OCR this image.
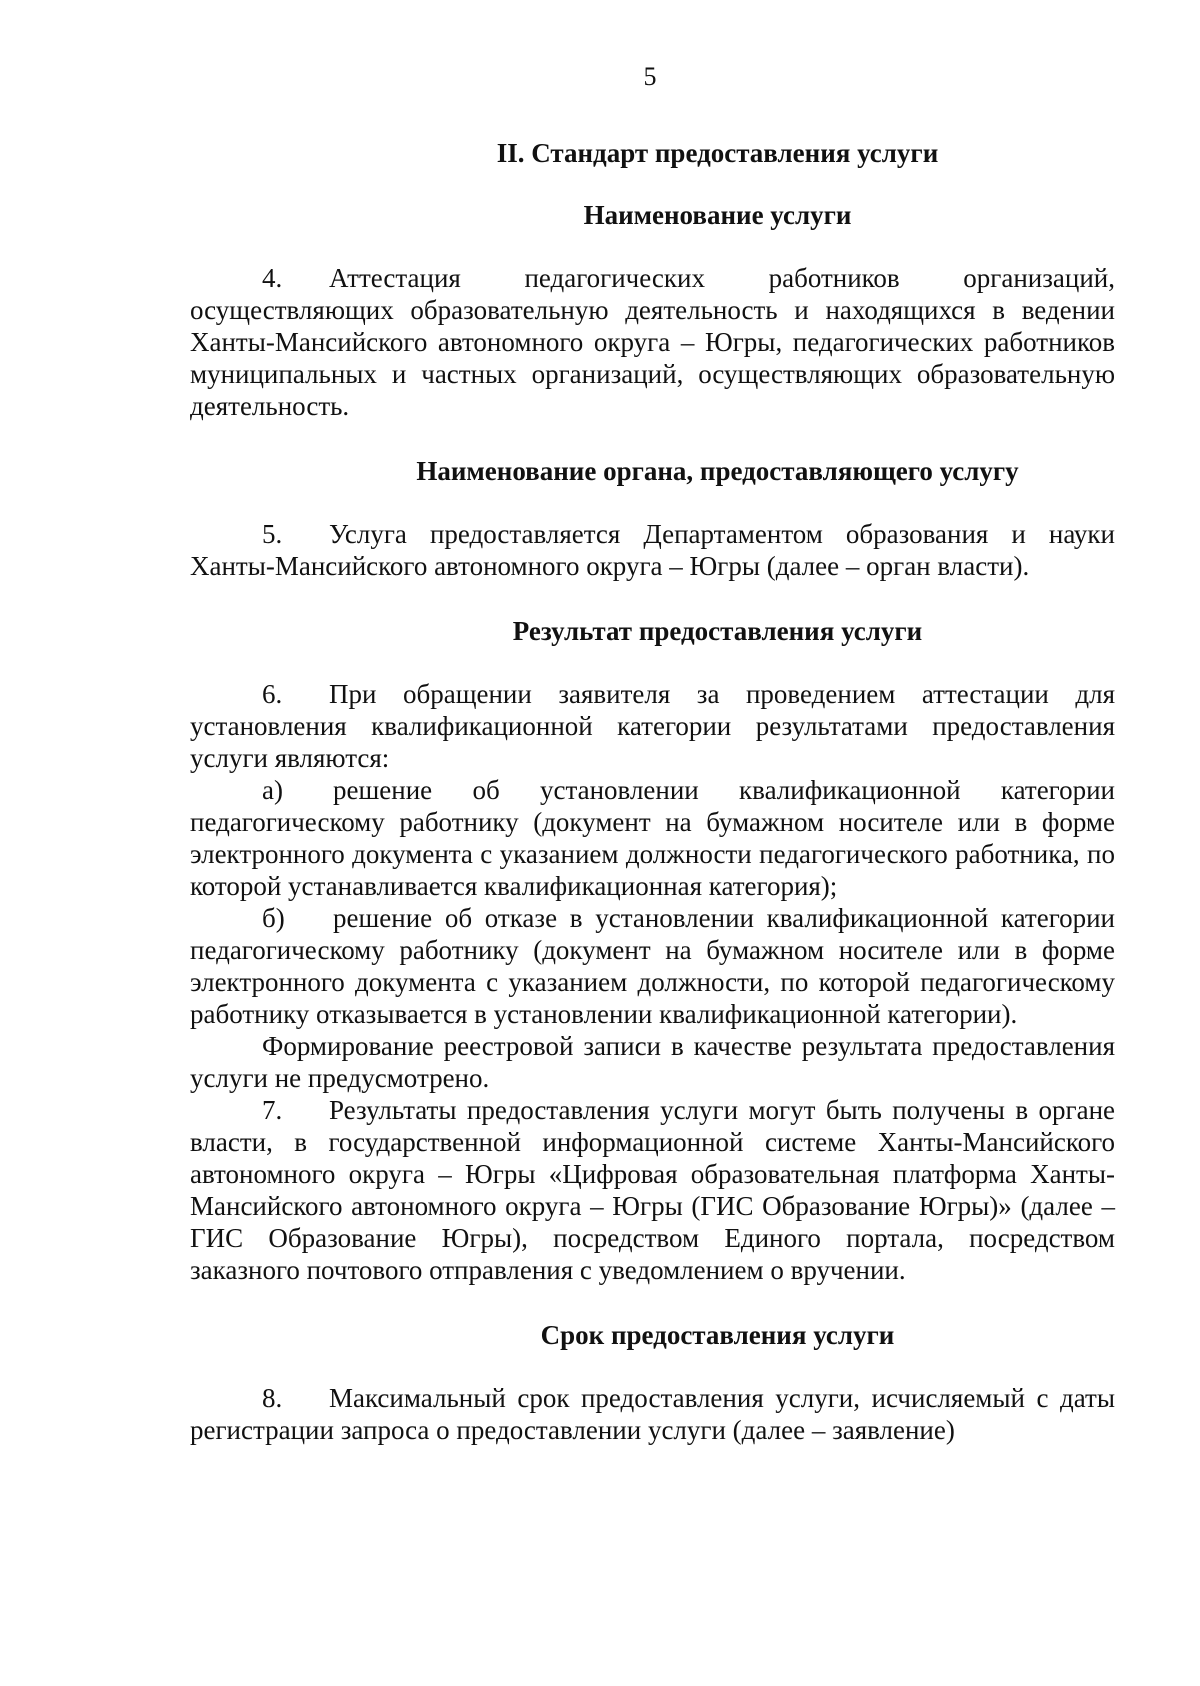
5
II. Стандарт предоставления услуги
Наименование услуги

4. Аттестация педагогических работников организаций, осуществляющих образовательную деятельность и находящихся в ведении Ханты-Мансийского автономного округа – Югры, педагогических работников муниципальных и частных организаций, осуществляющих образовательную деятельность.

Наименование органа, предоставляющего услугу

5. Услуга предоставляется Департаментом образования и науки Ханты-Мансийского автономного округа – Югры (далее – орган власти).

Результат предоставления услуги

6. При обращении заявителя за проведением аттестации для установления квалификационной категории результатами предоставления услуги являются:

а) решение об установлении квалификационной категории педагогическому работнику (документ на бумажном носителе или в форме электронного документа с указанием должности педагогического работника, по которой устанавливается квалификационная категория);

б) решение об отказе в установлении квалификационной категории педагогическому работнику (документ на бумажном носителе или в форме электронного документа с указанием должности, по которой педагогическому работнику отказывается в установлении квалификационной категории).

Формирование реестровой записи в качестве результата предоставления услуги не предусмотрено.

7. Результаты предоставления услуги могут быть получены в органе власти, в государственной информационной системе Ханты-Мансийского автономного округа – Югры «Цифровая образовательная платформа Ханты-Мансийского автономного округа – Югры (ГИС Образование Югры)» (далее – ГИС Образование Югры), посредством Единого портала, посредством заказного почтового отправления с уведомлением о вручении.

Срок предоставления услуги

8. Максимальный срок предоставления услуги, исчисляемый с даты регистрации запроса о предоставлении услуги (далее – заявление)
